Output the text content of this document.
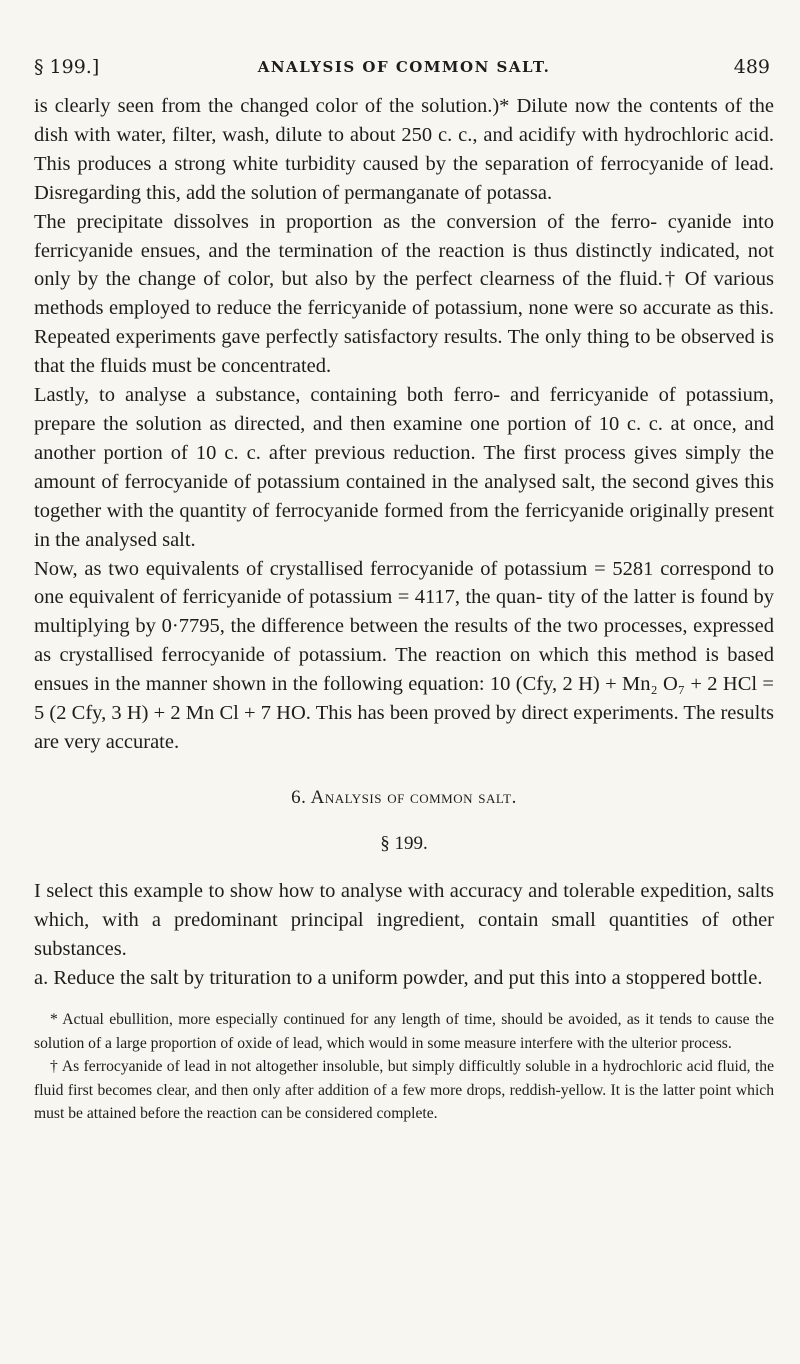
§ 199.]	ANALYSIS OF COMMON SALT.	489

is clearly seen from the changed color of the solution.)* Dilute now the contents of the dish with water, filter, wash, dilute to about 250 c. c., and acidify with hydrochloric acid. This produces a strong white turbidity caused by the separation of ferrocyanide of lead. Disregarding this, add the solution of permanganate of potassa.

The precipitate dissolves in proportion as the conversion of the ferro- cyanide into ferricyanide ensues, and the termination of the reaction is thus distinctly indicated, not only by the change of color, but also by the perfect clearness of the fluid.† Of various methods employed to reduce the ferricyanide of potassium, none were so accurate as this. Repeated experiments gave perfectly satisfactory results. The only thing to be observed is that the fluids must be concentrated.

Lastly, to analyse a substance, containing both ferro- and ferricyanide of potassium, prepare the solution as directed, and then examine one portion of 10 c. c. at once, and another portion of 10 c. c. after previous reduction. The first process gives simply the amount of ferrocyanide of potassium contained in the analysed salt, the second gives this together with the quantity of ferrocyanide formed from the ferricyanide originally present in the analysed salt.

Now, as two equivalents of crystallised ferrocyanide of potassium = 5281 correspond to one equivalent of ferricyanide of potassium = 4117, the quan- tity of the latter is found by multiplying by 0·7795, the difference between the results of the two processes, expressed as crystallised ferrocyanide of potassium. The reaction on which this method is based ensues in the manner shown in the following equation: 10 (Cfy, 2 H) + Mn₂ O₇ + 2 HCl = 5 (2 Cfy, 3 H) + 2 Mn Cl + 7 HO. This has been proved by direct experiments. The results are very accurate.

6. Analysis of common salt.
§ 199.

I select this example to show how to analyse with accuracy and tolerable expedition, salts which, with a predominant principal ingredient, contain small quantities of other substances.

a. Reduce the salt by trituration to a uniform powder, and put this into a stoppered bottle.

* Actual ebullition, more especially continued for any length of time, should be avoided, as it tends to cause the solution of a large proportion of oxide of lead, which would in some measure interfere with the ulterior process.

† As ferrocyanide of lead in not altogether insoluble, but simply difficultly soluble in a hydrochloric acid fluid, the fluid first becomes clear, and then only after addition of a few more drops, reddish-yellow. It is the latter point which must be attained before the reaction can be considered complete.
